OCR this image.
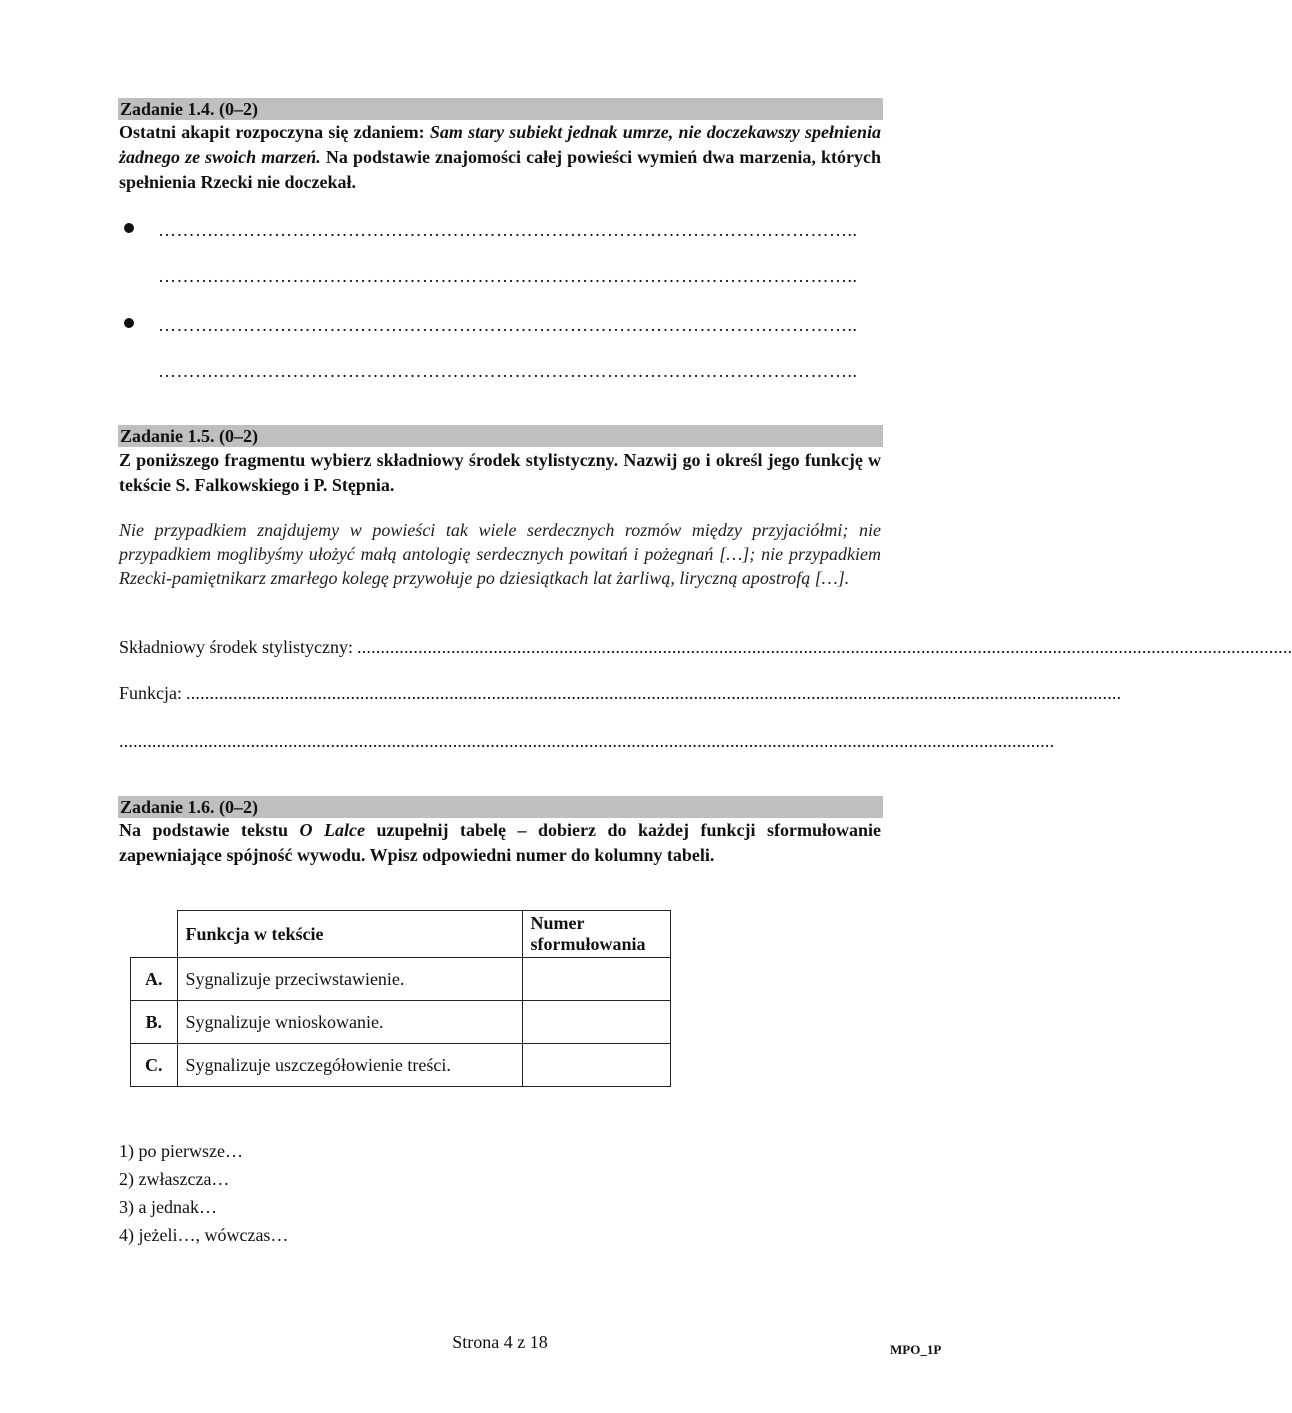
Zadanie 1.4. (0–2)
Ostatni akapit rozpoczyna się zdaniem: Sam stary subiekt jednak umrze, nie doczekawszy spełnienia żadnego ze swoich marzeń. Na podstawie znajomości całej powieści wymień dwa marzenia, których spełnienia Rzecki nie doczekał.
……….…………………………………………………………………………………………..
……….…………………………………………………………………………………………..
……….…………………………………………………………………………………………..
……….…………………………………………………………………………………………..
Zadanie 1.5. (0–2)
Z poniższego fragmentu wybierz składniowy środek stylistyczny. Nazwij go i określ jego funkcję w tekście S. Falkowskiego i P. Stępnia.
Nie przypadkiem znajdujemy w powieści tak wiele serdecznych rozmów między przyjaciółmi; nie przypadkiem moglibyśmy ułożyć małą antologię serdecznych powitań i pożegnań […]; nie przypadkiem Rzecki-pamiętnikarz zmarłego kolegę przywołuje po dziesiątkach lat żarliwą, liryczną apostrofą […].
Składniowy środek stylistyczny: .......................................................................................................................................................................................................
Funkcja: .......................................................................................................................................................................................................
.......................................................................................................................................................................................................
Zadanie 1.6. (0–2)
Na podstawie tekstu O Lalce uzupełnij tabelę – dobierz do każdej funkcji sformułowanie zapewniające spójność wywodu. Wpisz odpowiedni numer do kolumny tabeli.
	Funkcja w tekście	Numer
sformułowania

A.	Sygnalizuje przeciwstawienie.	
B.	Sygnalizuje wnioskowanie.	
C.	Sygnalizuje uszczegółowienie treści.	
1) po pierwsze…
2) zwłaszcza…
3) a jednak…
4) jeżeli…, wówczas…
Strona 4 z 18	MPO_1P
